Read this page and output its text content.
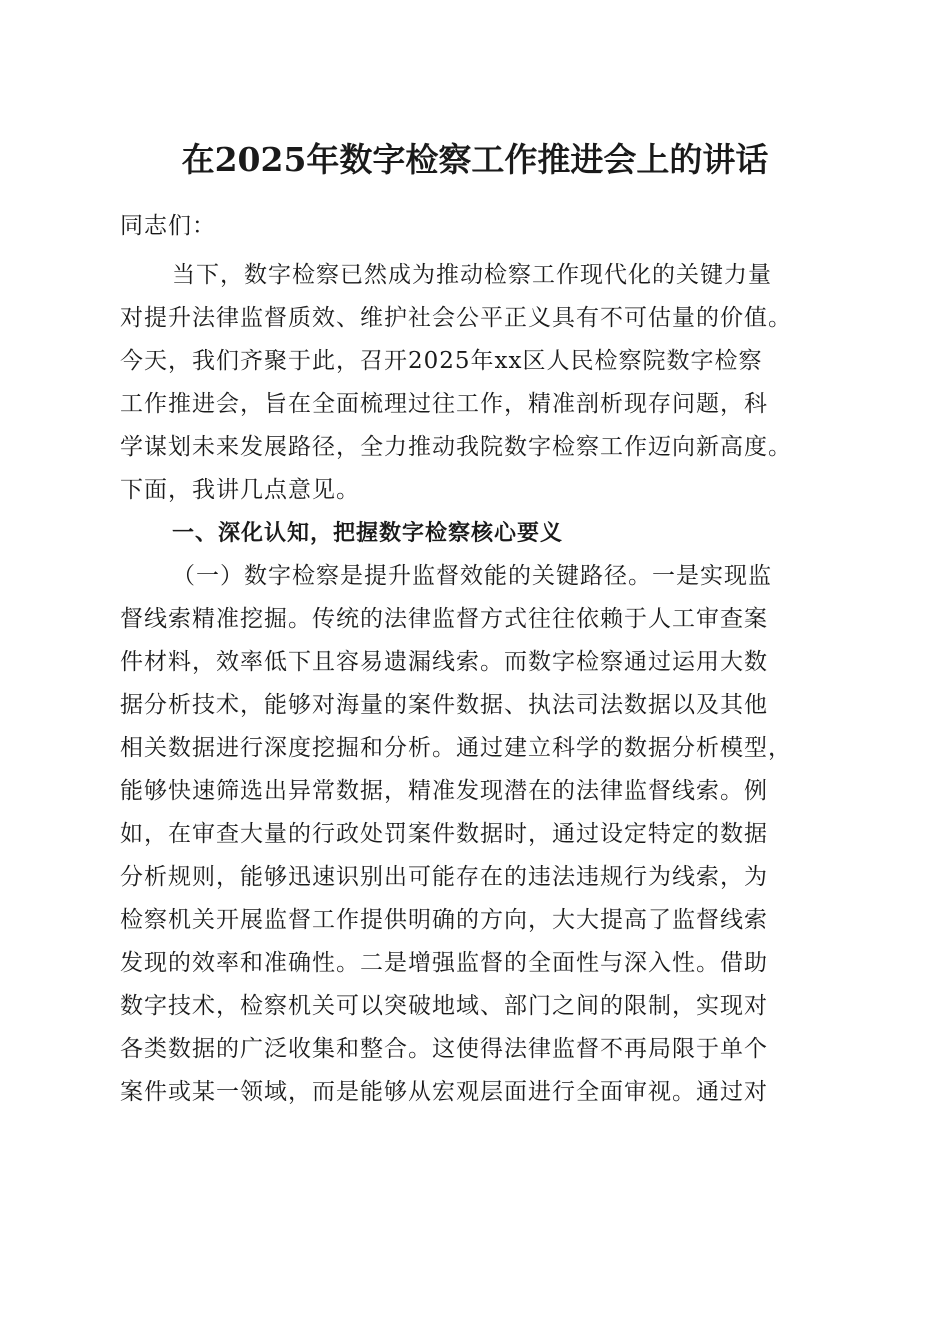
在2025年数字检察工作推进会上的讲话
同志们：
当下，数字检察已然成为推动检察工作现代化的关键力量
对提升法律监督质效、维护社会公平正义具有不可估量的价值。
今天，我们齐聚于此，召开2025年xx区人民检察院数字检察
工作推进会，旨在全面梳理过往工作，精准剖析现存问题，科
学谋划未来发展路径，全力推动我院数字检察工作迈向新高度。
下面，我讲几点意见。
一、深化认知，把握数字检察核心要义
（一）数字检察是提升监督效能的关键路径。一是实现监
督线索精准挖掘。传统的法律监督方式往往依赖于人工审查案
件材料，效率低下且容易遗漏线索。而数字检察通过运用大数
据分析技术，能够对海量的案件数据、执法司法数据以及其他
相关数据进行深度挖掘和分析。通过建立科学的数据分析模型，
能够快速筛选出异常数据，精准发现潜在的法律监督线索。例
如，在审查大量的行政处罚案件数据时，通过设定特定的数据
分析规则，能够迅速识别出可能存在的违法违规行为线索，为
检察机关开展监督工作提供明确的方向，大大提高了监督线索
发现的效率和准确性。二是增强监督的全面性与深入性。借助
数字技术，检察机关可以突破地域、部门之间的限制，实现对
各类数据的广泛收集和整合。这使得法律监督不再局限于单个
案件或某一领域，而是能够从宏观层面进行全面审视。通过对
